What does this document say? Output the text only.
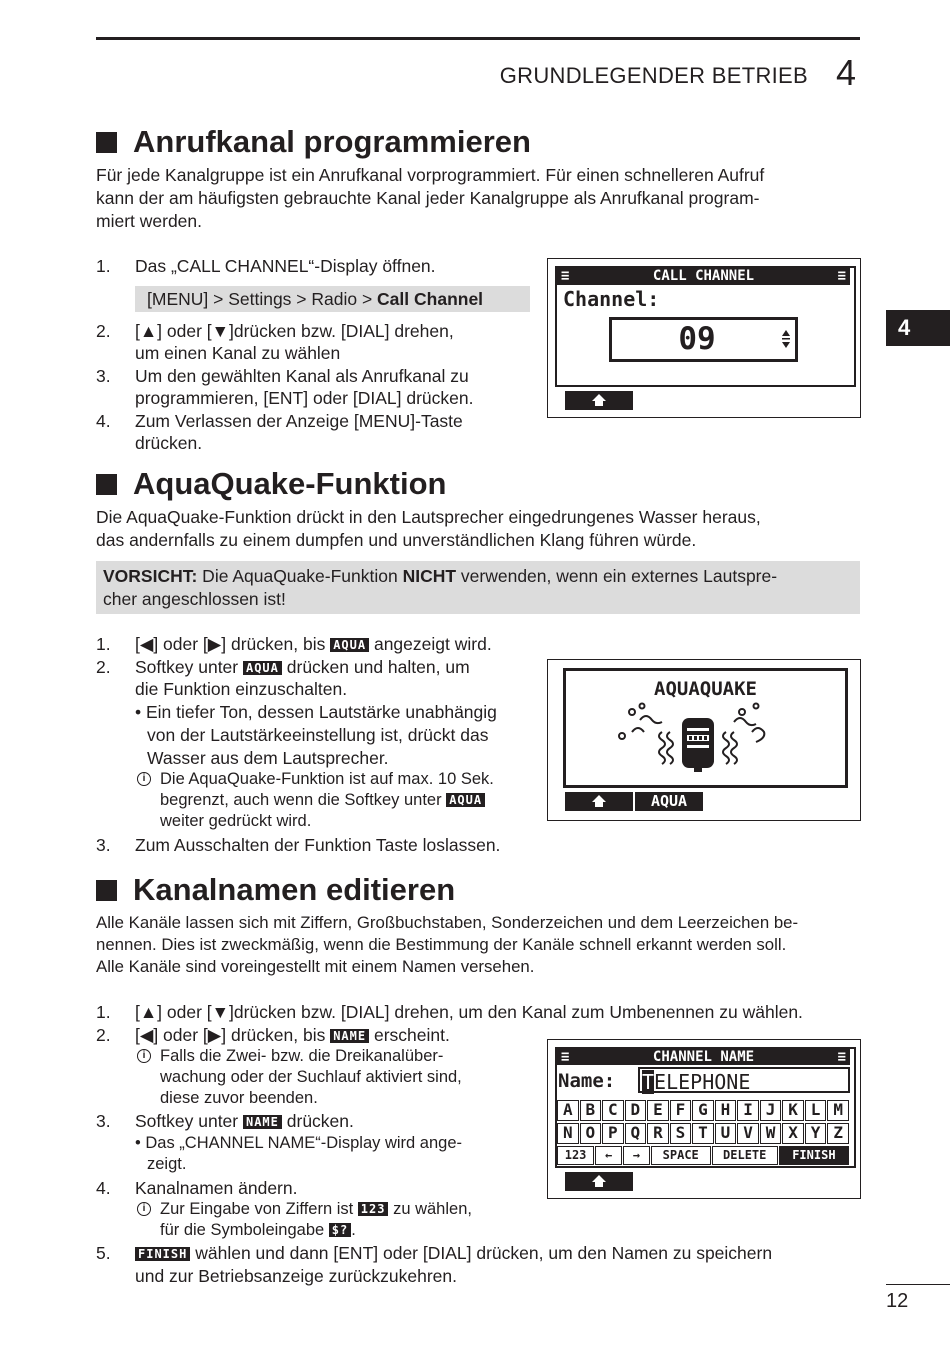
GRUNDLEGENDER BETRIEB 4
4
Anrufkanal programmieren
Für jede Kanalgruppe ist ein Anrufkanal vorprogrammiert. Für einen schnelleren Aufruf
kann der am häufigsten gebrauchte Kanal jeder Kanalgruppe als Anrufkanal program-
miert werden.
1. Das „CALL CHANNEL“-Display öffnen.
[MENU] > Settings > Radio > Call Channel
2. [▲] oder [▼]drücken bzw. [DIAL] drehen,
um einen Kanal zu wählen
3. Um den gewählten Kanal als Anrufkanal zu
programmieren, [ENT] oder [DIAL] drücken.
4. Zum Verlassen der Anzeige [MENU]-Taste
drücken.
≡	CALL CHANNEL	≡
Channel:
09
AquaQuake-Funktion
Die AquaQuake-Funktion drückt in den Lautsprecher eingedrungenes Wasser heraus,
das andernfalls zu einem dumpfen und unverständlichen Klang führen würde.
VORSICHT: Die AquaQuake-Funktion NICHT verwenden, wenn ein externes Lautspre-
cher angeschlossen ist!
1. [◀] oder [▶] drücken, bis AQUA angezeigt wird.
2. Softkey unter AQUA drücken und halten, um
die Funktion einzuschalten.
• Ein tiefer Ton, dessen Lautstärke unabhängig
von der Lautstärkeeinstellung ist, drückt das
Wasser aus dem Lautsprecher.
i Die AquaQuake-Funktion ist auf max. 10 Sek.
begrenzt, auch wenn die Softkey unter AQUA
weiter gedrückt wird.
3. Zum Ausschalten der Funktion Taste loslassen.
AQUAQUAKE
AQUA
Kanalnamen editieren
Alle Kanäle lassen sich mit Ziffern, Großbuchstaben, Sonderzeichen und dem Leerzeichen be-
nennen. Dies ist zweckmäßig, wenn die Bestimmung der Kanäle schnell erkannt werden soll.
Alle Kanäle sind voreingestellt mit einem Namen versehen.
1. [▲] oder [▼]drücken bzw. [DIAL] drehen, um den Kanal zum Umbenennen zu wählen.
2. [◀] oder [▶] drücken, bis NAME erscheint.
i Falls die Zwei- bzw. die Dreikanalüber-
wachung oder der Suchlauf aktiviert sind,
diese zuvor beenden.
3. Softkey unter NAME drücken.
• Das „CHANNEL NAME“-Display wird ange-
zeigt.
4. Kanalnamen ändern.
i Zur Eingabe von Ziffern ist 123 zu wählen,
für die Symboleingabe $? .
5. FINISH wählen und dann [ENT] oder [DIAL] drücken, um den Namen zu speichern
und zur Betriebsanzeige zurückzukehren.
≡	CHANNEL NAME	≡
Name: TELEPHONE
A B C D E F G H I J K L M
N O P Q R S T U V W X Y Z
123	←	→	SPACE	DELETE	FINISH
12
